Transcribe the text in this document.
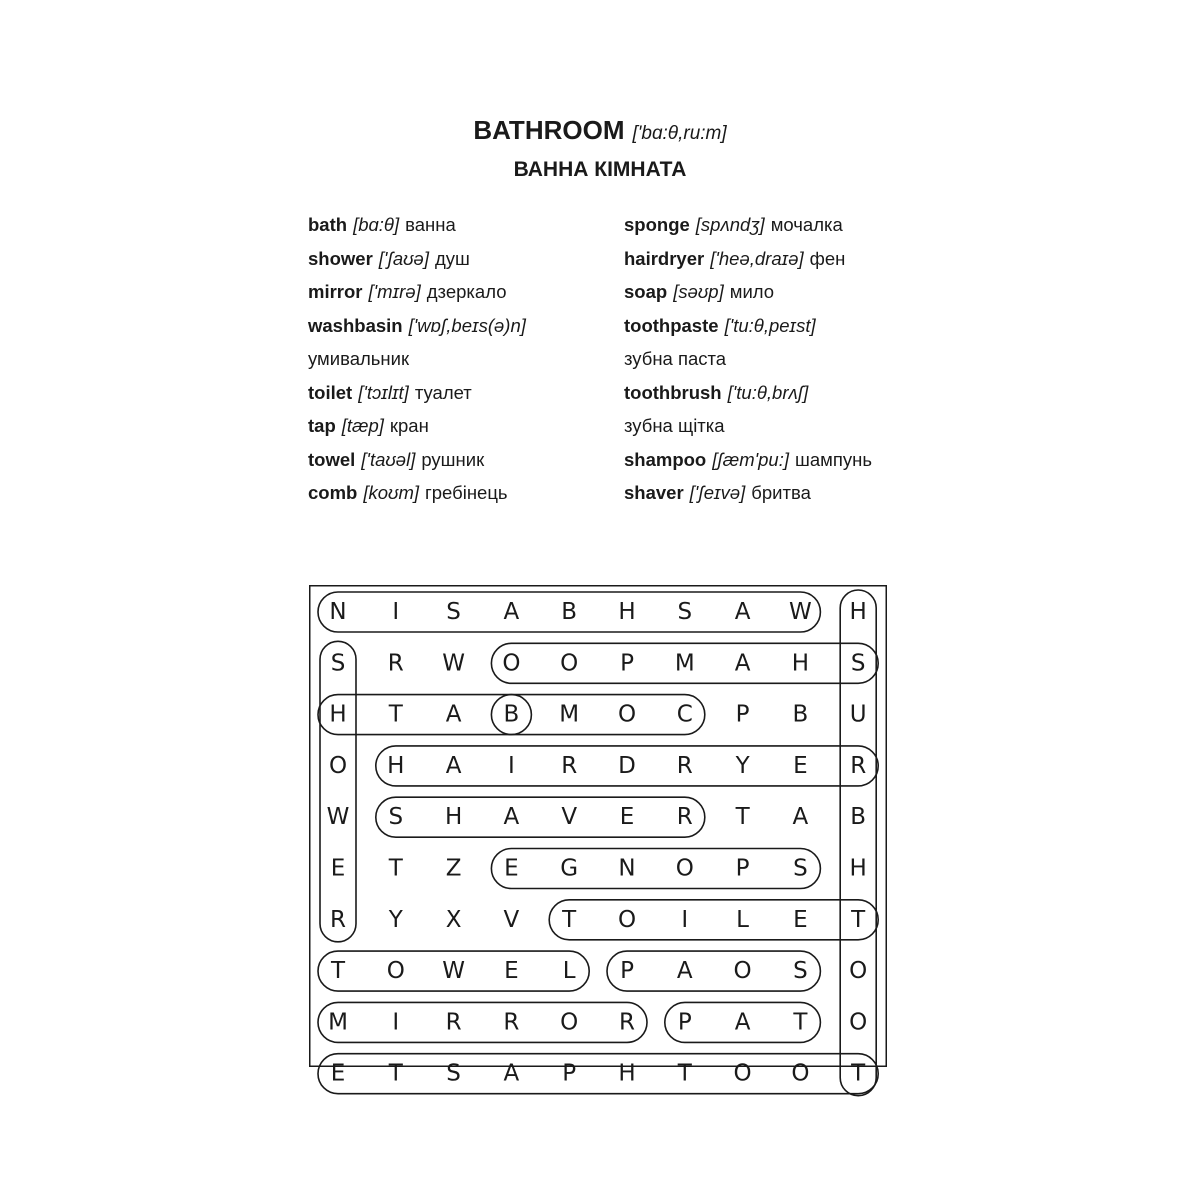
BATHROOM ['bɑ:θ,ru:m]
ВАННА КІМНАТА
bath [bɑ:θ] ванна
shower ['ʃaʊə] душ
mirror ['mɪrə] дзеркало
washbasin ['wɒʃ,beɪs(ə)n]
умивальник
toilet ['tɔɪlɪt] туалет
tap [tæp] кран
towel ['taʊəl] рушник
comb [koʊm] гребінець
sponge [spʌndʒ] мочалка
hairdryer ['heə,draɪə] фен
soap [səʊp] мило
toothpaste ['tu:θ,peɪst]
зубна паста
toothbrush ['tu:θ,brʌʃ]
зубна щітка
shampoo [ʃæm'pu:] шампунь
shaver ['ʃeɪvə] бритва
N I S A B H S A W H
S R W O O P M A H S
H T A B M O C P B U
O H A I R D R Y E R
W S H A V E R T A B
E T Z E G N O P S H
R Y X V T O I L E T
T O W E L P A O S O
M I R R O R P A T O
E T S A P H T O O T
